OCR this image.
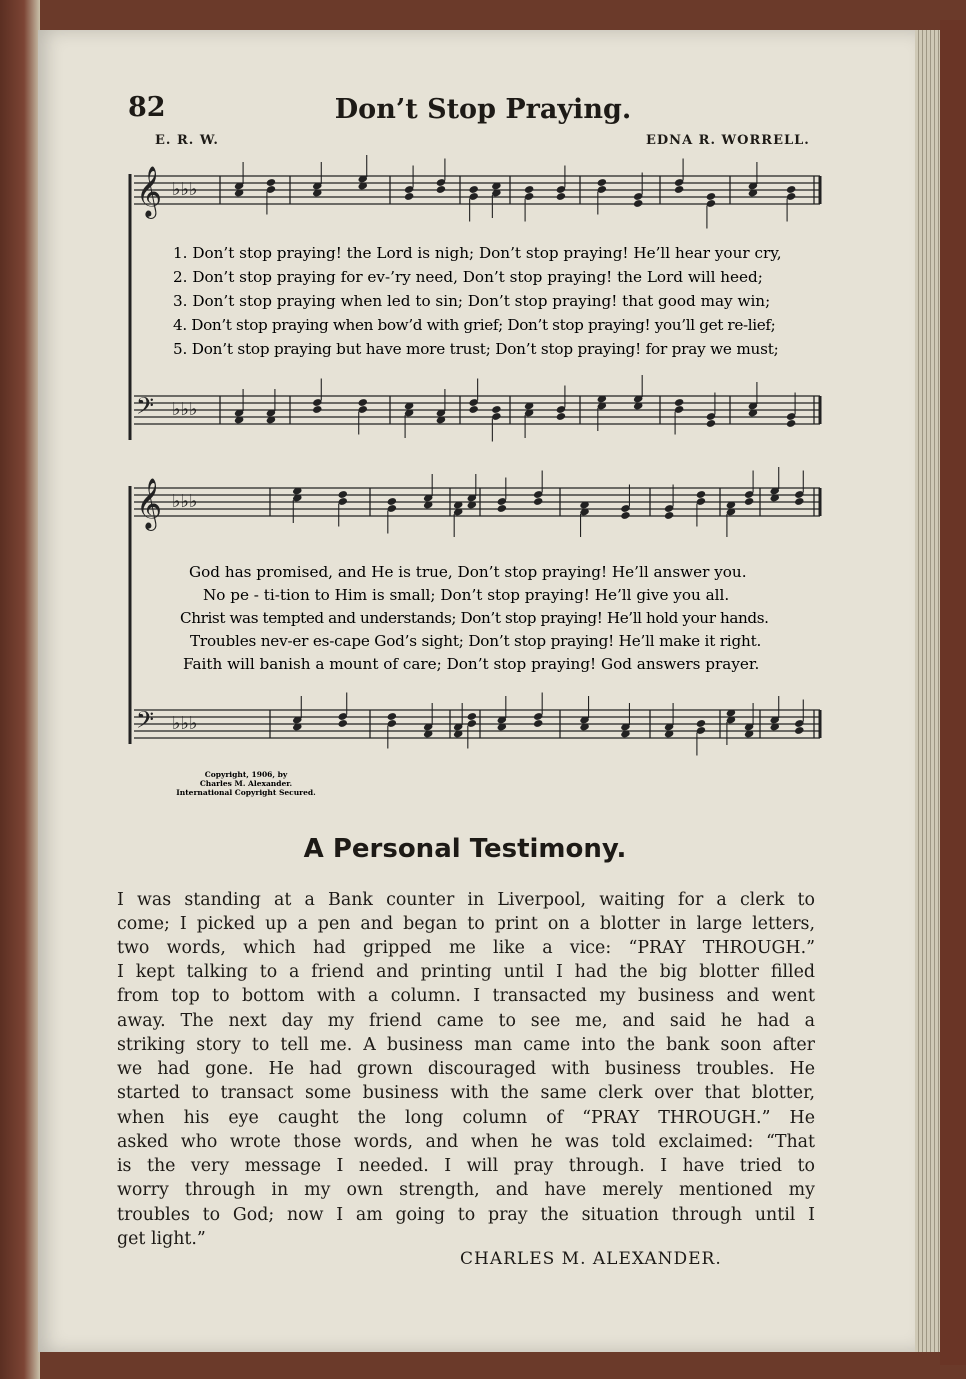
82	Don’t Stop Praying.
E. R. W.	EDNA R. WORRELL.
𝄞 ♭♭♭
𝄢 ♭♭♭
𝄞 ♭♭♭
𝄢 ♭♭♭
1. Don’t stop praying! the Lord is nigh; Don’t stop praying! He’ll hear your cry,
2. Don’t stop praying for ev-’ry need, Don’t stop praying! the Lord will heed;
3. Don’t stop praying when led to sin; Don’t stop praying! that good may win;
4. Don’t stop praying when bow’d with grief; Don’t stop praying! you’ll get re-lief;
5. Don’t stop praying but have more trust; Don’t stop praying! for pray we must;
God has promised, and He is true, Don’t stop praying! He’ll answer you.
No pe - ti-tion to Him is small; Don’t stop praying! He’ll give you all.
Christ was tempted and understands; Don’t stop praying! He’ll hold your hands.
Troubles nev-er es-cape God’s sight; Don’t stop praying! He’ll make it right.
Faith will banish a mount of care; Don’t stop praying! God answers prayer.
Copyright, 1906, by
Charles M. Alexander.
International Copyright Secured.
A Personal Testimony.
I was standing at a Bank counter in Liverpool, waiting for a clerk to
come; I picked up a pen and began to print on a blotter in large letters,
two words, which had gripped me like a vice: “PRAY THROUGH.”
I kept talking to a friend and printing until I had the big blotter filled
from top to bottom with a column. I transacted my business and went
away. The next day my friend came to see me, and said he had a
striking story to tell me. A business man came into the bank soon after
we had gone. He had grown discouraged with business troubles. He
started to transact some business with the same clerk over that blotter,
when his eye caught the long column of “PRAY THROUGH.” He
asked who wrote those words, and when he was told exclaimed: “That
is the very message I needed. I will pray through. I have tried to
worry through in my own strength, and have merely mentioned my
troubles to God; now I am going to pray the situation through until I
get light.”
CHARLES M. ALEXANDER.
